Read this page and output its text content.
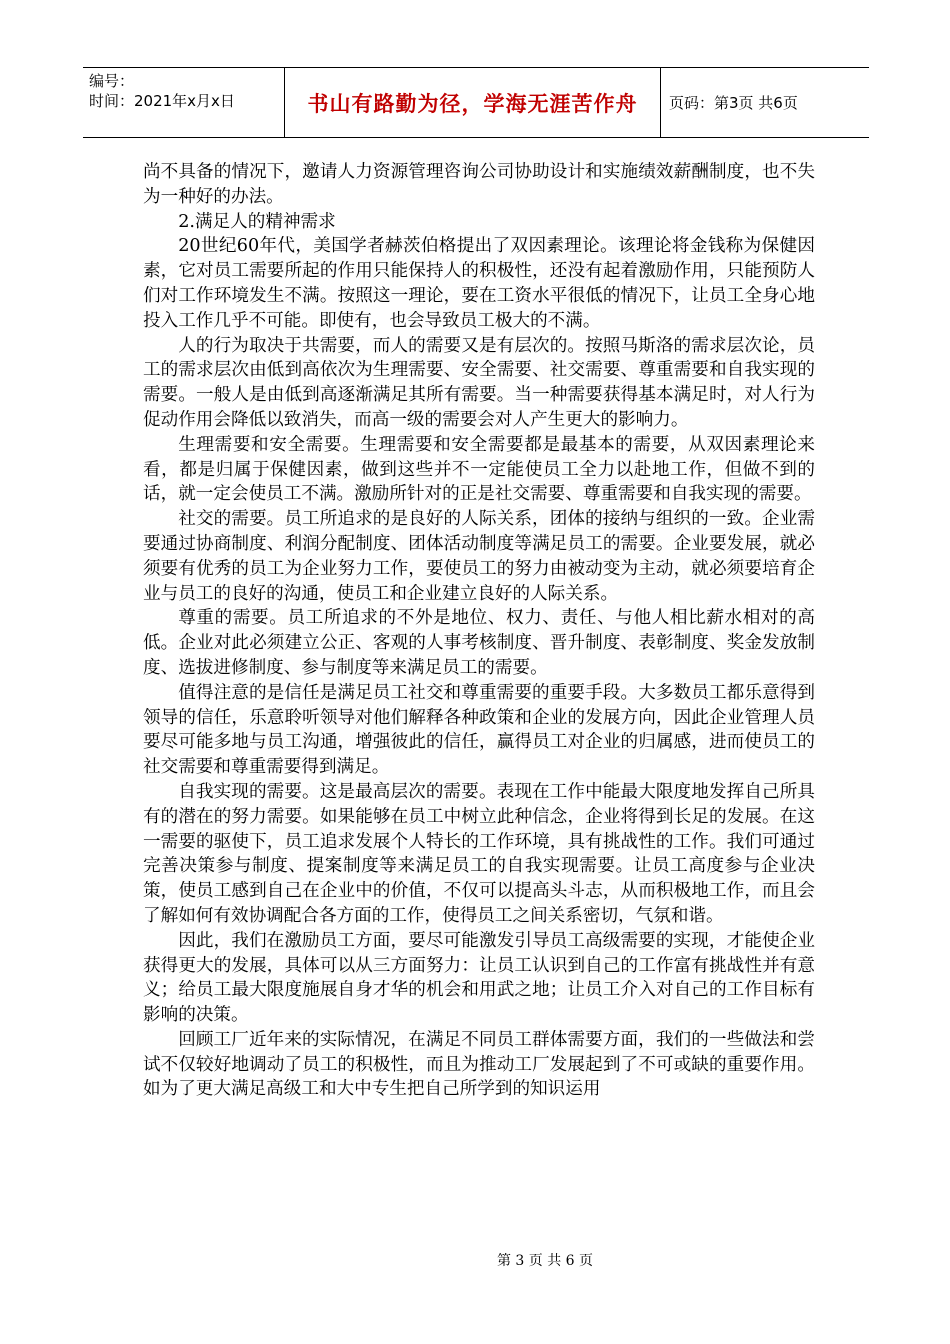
编号：
时间：2021年x月x日	书山有路勤为径，学海无涯苦作舟	页码：第3页 共6页

尚不具备的情况下，邀请人力资源管理咨询公司协助设计和实施绩效薪酬制度，也不失为一种好的办法。

2.满足人的精神需求

20世纪60年代，美国学者赫茨伯格提出了双因素理论。该理论将金钱称为保健因素，它对员工需要所起的作用只能保持人的积极性，还没有起着激励作用，只能预防人们对工作环境发生不满。按照这一理论，要在工资水平很低的情况下，让员工全身心地投入工作几乎不可能。即使有，也会导致员工极大的不满。

人的行为取决于共需要，而人的需要又是有层次的。按照马斯洛的需求层次论，员工的需求层次由低到高依次为生理需要、安全需要、社交需要、尊重需要和自我实现的需要。一般人是由低到高逐渐满足其所有需要。当一种需要获得基本满足时，对人行为促动作用会降低以致消失，而高一级的需要会对人产生更大的影响力。

生理需要和安全需要。生理需要和安全需要都是最基本的需要，从双因素理论来看，都是归属于保健因素，做到这些并不一定能使员工全力以赴地工作，但做不到的话，就一定会使员工不满。激励所针对的正是社交需要、尊重需要和自我实现的需要。

社交的需要。员工所追求的是良好的人际关系，团体的接纳与组织的一致。企业需要通过协商制度、利润分配制度、团体活动制度等满足员工的需要。企业要发展，就必须要有优秀的员工为企业努力工作，要使员工的努力由被动变为主动，就必须要培育企业与员工的良好的沟通，使员工和企业建立良好的人际关系。

尊重的需要。员工所追求的不外是地位、权力、责任、与他人相比薪水相对的高低。企业对此必须建立公正、客观的人事考核制度、晋升制度、表彰制度、奖金发放制度、选拔进修制度、参与制度等来满足员工的需要。

值得注意的是信任是满足员工社交和尊重需要的重要手段。大多数员工都乐意得到领导的信任，乐意聆听领导对他们解释各种政策和企业的发展方向，因此企业管理人员要尽可能多地与员工沟通，增强彼此的信任，赢得员工对企业的归属感，进而使员工的社交需要和尊重需要得到满足。

自我实现的需要。这是最高层次的需要。表现在工作中能最大限度地发挥自己所具有的潜在的努力需要。如果能够在员工中树立此种信念，企业将得到长足的发展。在这一需要的驱使下，员工追求发展个人特长的工作环境，具有挑战性的工作。我们可通过完善决策参与制度、提案制度等来满足员工的自我实现需要。让员工高度参与企业决策，使员工感到自己在企业中的价值，不仅可以提高头斗志，从而积极地工作，而且会了解如何有效协调配合各方面的工作，使得员工之间关系密切，气氛和谐。

因此，我们在激励员工方面，要尽可能激发引导员工高级需要的实现，才能使企业获得更大的发展，具体可以从三方面努力：让员工认识到自己的工作富有挑战性并有意义；给员工最大限度施展自身才华的机会和用武之地；让员工介入对自己的工作目标有影响的决策。

回顾工厂近年来的实际情况，在满足不同员工群体需要方面，我们的一些做法和尝试不仅较好地调动了员工的积极性，而且为推动工厂发展起到了不可或缺的重要作用。如为了更大满足高级工和大中专生把自己所学到的知识运用

第 3 页 共 6 页
